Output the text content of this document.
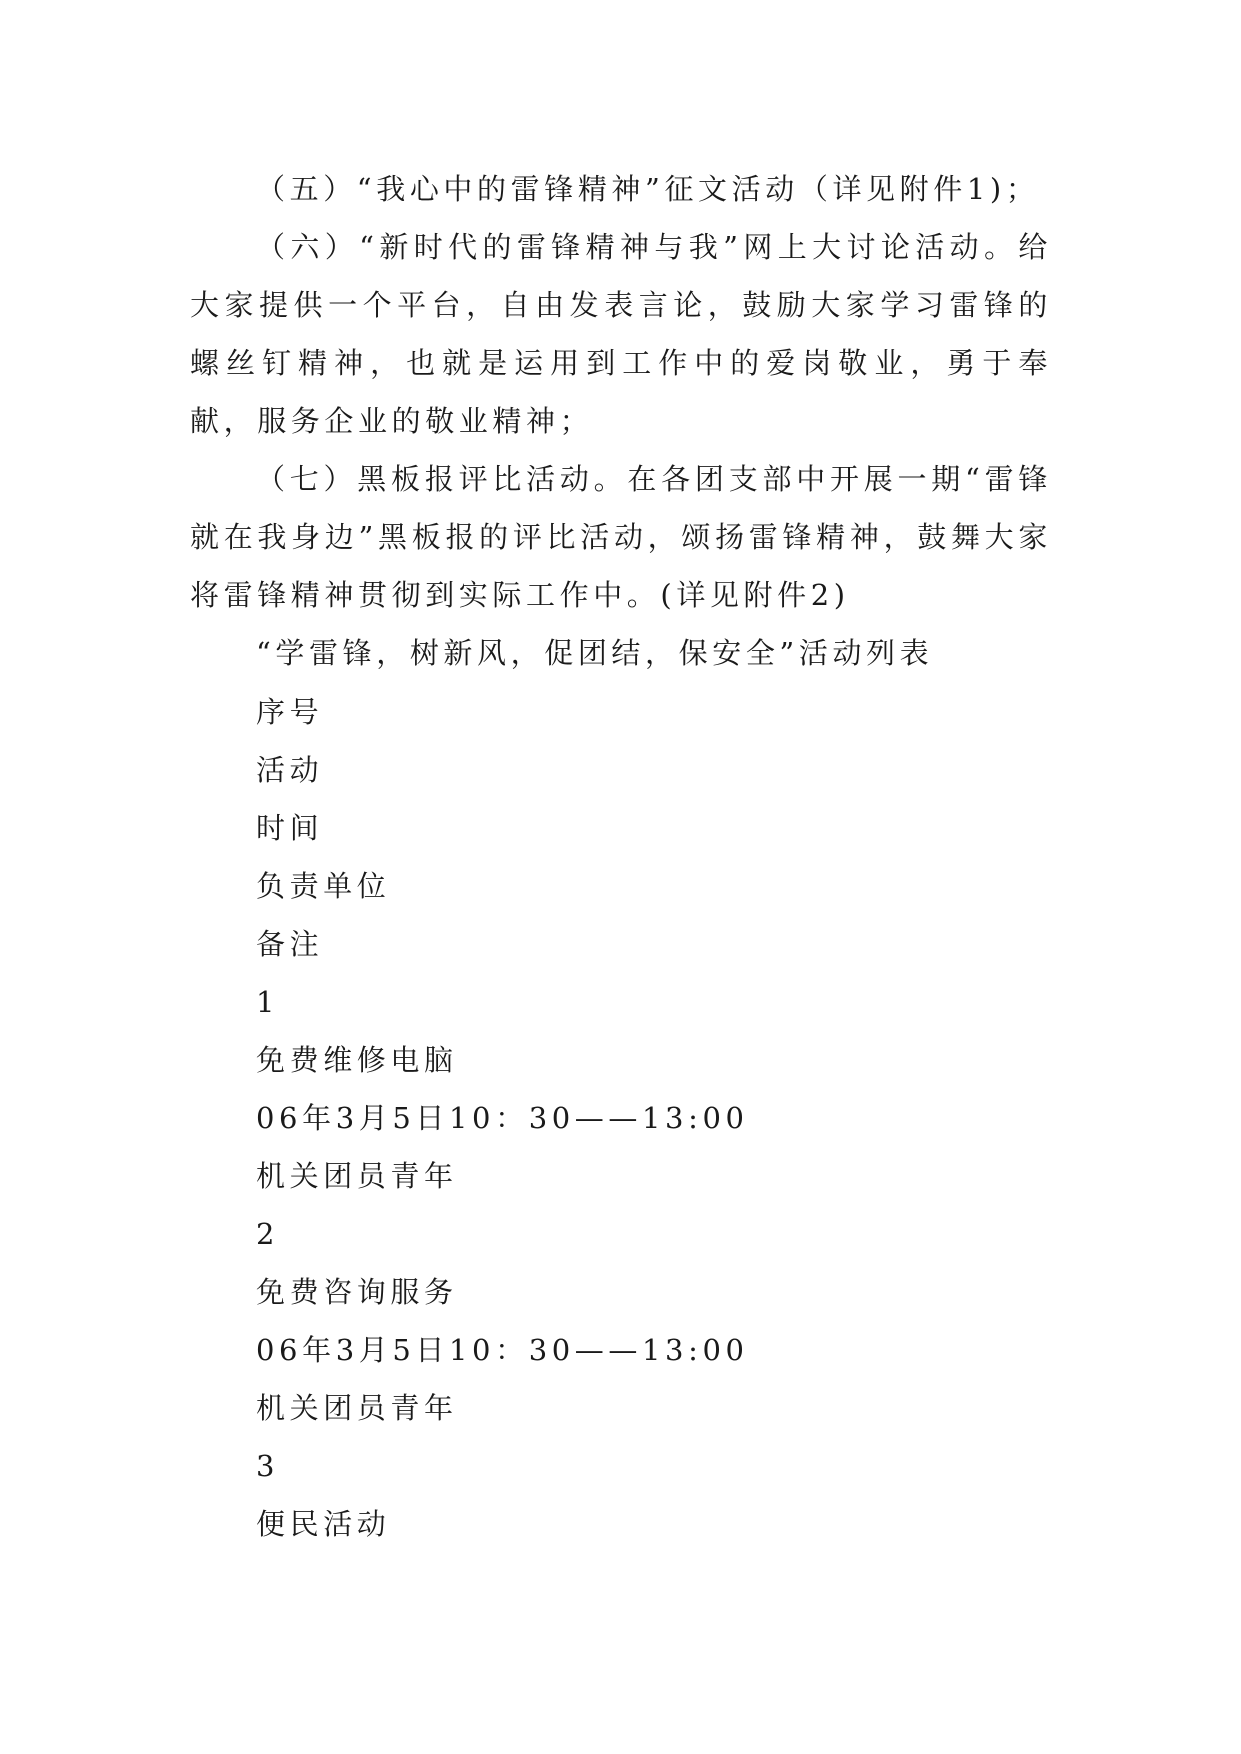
（五）“我心中的雷锋精神”征文活动（详见附件1)；

（六）“新时代的雷锋精神与我”网上大讨论活动。给大家提供一个平台，自由发表言论，鼓励大家学习雷锋的螺丝钉精神，也就是运用到工作中的爱岗敬业，勇于奉献，服务企业的敬业精神；

（七）黑板报评比活动。在各团支部中开展一期“雷锋就在我身边”黑板报的评比活动，颂扬雷锋精神，鼓舞大家将雷锋精神贯彻到实际工作中。(详见附件2)

“学雷锋，树新风，促团结，保安全”活动列表

序号

活动

时间

负责单位

备注

1

免费维修电脑

06年3月5日10：30——13:00

机关团员青年

2

免费咨询服务

06年3月5日10：30——13:00

机关团员青年

3

便民活动
